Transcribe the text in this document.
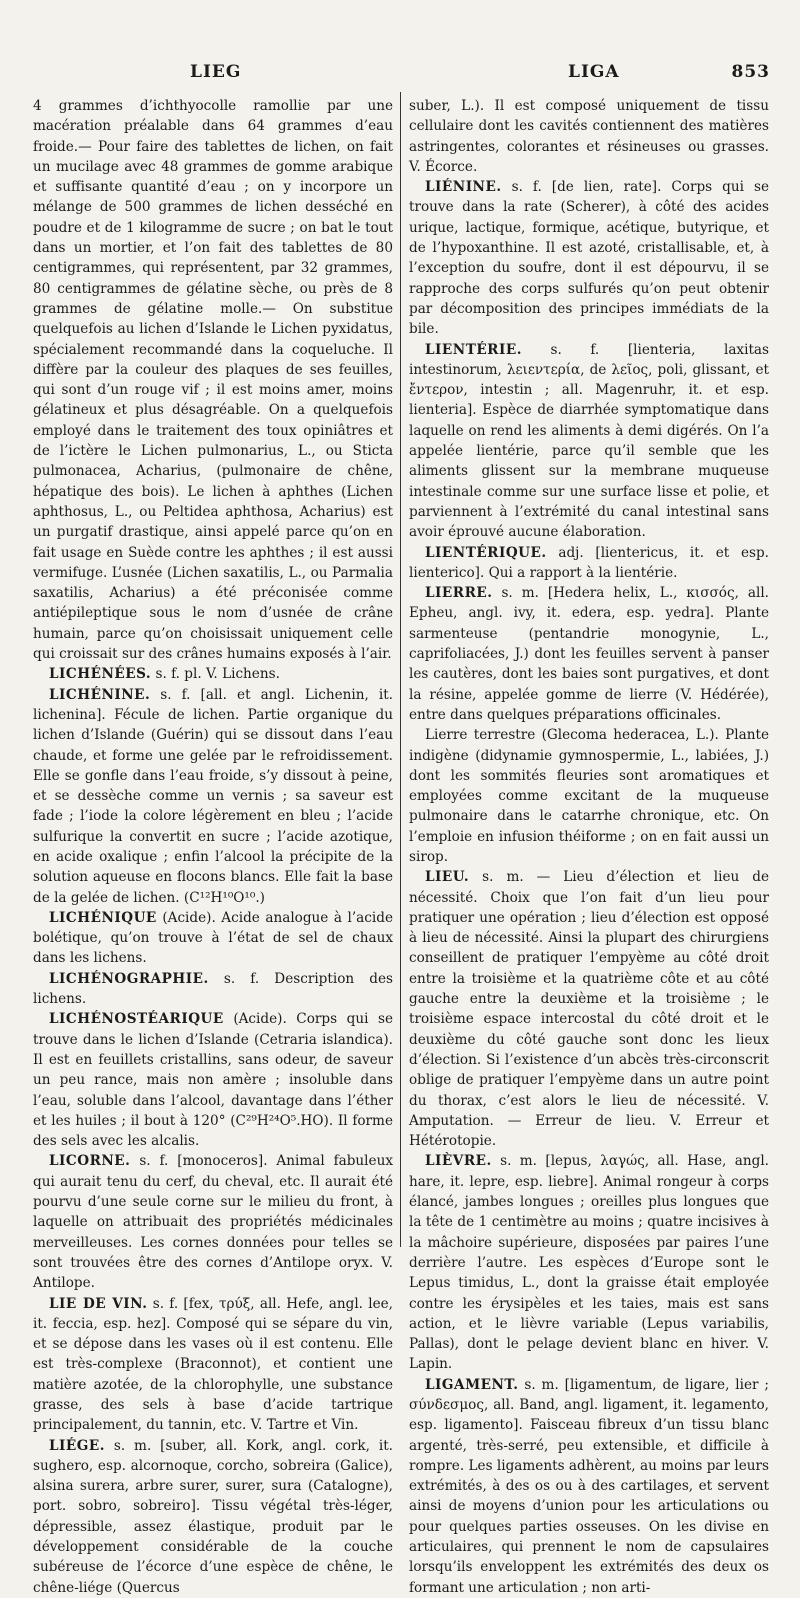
LIEG	LIGA	853

4 grammes d’ichthyocolle ramollie par une macération préalable dans 64 grammes d’eau froide.— Pour faire des tablettes de lichen, on fait un mucilage avec 48 grammes de gomme arabique et suffisante quantité d’eau ; on y incorpore un mélange de 500 grammes de lichen desséché en poudre et de 1 kilogramme de sucre ; on bat le tout dans un mortier, et l’on fait des tablettes de 80 centigrammes, qui représentent, par 32 grammes, 80 centigrammes de gélatine sèche, ou près de 8 grammes de gélatine molle.— On substitue quelquefois au lichen d’Islande le Lichen pyxidatus, spécialement recommandé dans la coqueluche. Il diffère par la couleur des plaques de ses feuilles, qui sont d’un rouge vif ; il est moins amer, moins gélatineux et plus désagréable. On a quelquefois employé dans le traitement des toux opiniâtres et de l’ictère le Lichen pulmonarius, L., ou Sticta pulmonacea, Acharius, (pulmonaire de chêne, hépatique des bois). Le lichen à aphthes (Lichen aphthosus, L., ou Peltidea aphthosa, Acharius) est un purgatif drastique, ainsi appelé parce qu’on en fait usage en Suède contre les aphthes ; il est aussi vermifuge. L’usnée (Lichen saxatilis, L., ou Parmalia saxatilis, Acharius) a été préconisée comme antiépileptique sous le nom d’usnée de crâne humain, parce qu’on choisissait uniquement celle qui croissait sur des crânes humains exposés à l’air.

LICHÉNÉES. s. f. pl. V. Lichens.

LICHÉNINE. s. f. [all. et angl. Lichenin, it. lichenina]. Fécule de lichen. Partie organique du lichen d’Islande (Guérin) qui se dissout dans l’eau chaude, et forme une gelée par le refroidissement. Elle se gonfle dans l’eau froide, s’y dissout à peine, et se dessèche comme un vernis ; sa saveur est fade ; l’iode la colore légèrement en bleu ; l’acide sulfurique la convertit en sucre ; l’acide azotique, en acide oxalique ; enfin l’alcool la précipite de la solution aqueuse en flocons blancs. Elle fait la base de la gelée de lichen. (C¹²H¹⁰O¹⁰.)

LICHÉNIQUE (Acide). Acide analogue à l’acide bolétique, qu’on trouve à l’état de sel de chaux dans les lichens.

LICHÉNOGRAPHIE. s. f. Description des lichens.

LICHÉNOSTÉARIQUE (Acide). Corps qui se trouve dans le lichen d’Islande (Cetraria islandica). Il est en feuillets cristallins, sans odeur, de saveur un peu rance, mais non amère ; insoluble dans l’eau, soluble dans l’alcool, davantage dans l’éther et les huiles ; il bout à 120° (C²⁹H²⁴O⁵.HO). Il forme des sels avec les alcalis.

LICORNE. s. f. [monoceros]. Animal fabuleux qui aurait tenu du cerf, du cheval, etc. Il aurait été pourvu d’une seule corne sur le milieu du front, à laquelle on attribuait des propriétés médicinales merveilleuses. Les cornes données pour telles se sont trouvées être des cornes d’Antilope oryx. V. Antilope.

LIE DE VIN. s. f. [fex, τρύξ, all. Hefe, angl. lee, it. feccia, esp. hez]. Composé qui se sépare du vin, et se dépose dans les vases où il est contenu. Elle est très-complexe (Braconnot), et contient une matière azotée, de la chlorophylle, une substance grasse, des sels à base d’acide tartrique principalement, du tannin, etc. V. Tartre et Vin.

LIÉGE. s. m. [suber, all. Kork, angl. cork, it. sughero, esp. alcornoque, corcho, sobreira (Galice), alsina surera, arbre surer, surer, sura (Catalogne), port. sobro, sobreiro]. Tissu végétal très-léger, dépressible, assez élastique, produit par le développement considérable de la couche subéreuse de l’écorce d’une espèce de chêne, le chêne-liége (Quercus

suber, L.). Il est composé uniquement de tissu cellulaire dont les cavités contiennent des matières astringentes, colorantes et résineuses ou grasses. V. Écorce.

LIÉNINE. s. f. [de lien, rate]. Corps qui se trouve dans la rate (Scherer), à côté des acides urique, lactique, formique, acétique, butyrique, et de l’hypoxanthine. Il est azoté, cristallisable, et, à l’exception du soufre, dont il est dépourvu, il se rapproche des corps sulfurés qu’on peut obtenir par décomposition des principes immédiats de la bile.

LIENTÉRIE. s. f. [lienteria, laxitas intestinorum, λειεντερία, de λεῖος, poli, glissant, et ἔντερον, intestin ; all. Magenruhr, it. et esp. lienteria]. Espèce de diarrhée symptomatique dans laquelle on rend les aliments à demi digérés. On l’a appelée lientérie, parce qu’il semble que les aliments glissent sur la membrane muqueuse intestinale comme sur une surface lisse et polie, et parviennent à l’extrémité du canal intestinal sans avoir éprouvé aucune élaboration.

LIENTÉRIQUE. adj. [lientericus, it. et esp. lienterico]. Qui a rapport à la lientérie.

LIERRE. s. m. [Hedera helix, L., κισσός, all. Epheu, angl. ivy, it. edera, esp. yedra]. Plante sarmenteuse (pentandrie monogynie, L., caprifoliacées, J.) dont les feuilles servent à panser les cautères, dont les baies sont purgatives, et dont la résine, appelée gomme de lierre (V. Hédérée), entre dans quelques préparations officinales.

Lierre terrestre (Glecoma hederacea, L.). Plante indigène (didynamie gymnospermie, L., labiées, J.) dont les sommités fleuries sont aromatiques et employées comme excitant de la muqueuse pulmonaire dans le catarrhe chronique, etc. On l’emploie en infusion théiforme ; on en fait aussi un sirop.

LIEU. s. m. — Lieu d’élection et lieu de nécessité. Choix que l’on fait d’un lieu pour pratiquer une opération ; lieu d’élection est opposé à lieu de nécessité. Ainsi la plupart des chirurgiens conseillent de pratiquer l’empyème au côté droit entre la troisième et la quatrième côte et au côté gauche entre la deuxième et la troisième ; le troisième espace intercostal du côté droit et le deuxième du côté gauche sont donc les lieux d’élection. Si l’existence d’un abcès très-circonscrit oblige de pratiquer l’empyème dans un autre point du thorax, c’est alors le lieu de nécessité. V. Amputation. — Erreur de lieu. V. Erreur et Hétérotopie.

LIÈVRE. s. m. [lepus, λαγώς, all. Hase, angl. hare, it. lepre, esp. liebre]. Animal rongeur à corps élancé, jambes longues ; oreilles plus longues que la tête de 1 centimètre au moins ; quatre incisives à la mâchoire supérieure, disposées par paires l’une derrière l’autre. Les espèces d’Europe sont le Lepus timidus, L., dont la graisse était employée contre les érysipèles et les taies, mais est sans action, et le lièvre variable (Lepus variabilis, Pallas), dont le pelage devient blanc en hiver. V. Lapin.

LIGAMENT. s. m. [ligamentum, de ligare, lier ; σύνδεσμος, all. Band, angl. ligament, it. legamento, esp. ligamento]. Faisceau fibreux d’un tissu blanc argenté, très-serré, peu extensible, et difficile à rompre. Les ligaments adhèrent, au moins par leurs extrémités, à des os ou à des cartilages, et servent ainsi de moyens d’union pour les articulations ou pour quelques parties osseuses. On les divise en articulaires, qui prennent le nom de capsulaires lorsqu’ils enveloppent les extrémités des deux os formant une articulation ; non arti-
